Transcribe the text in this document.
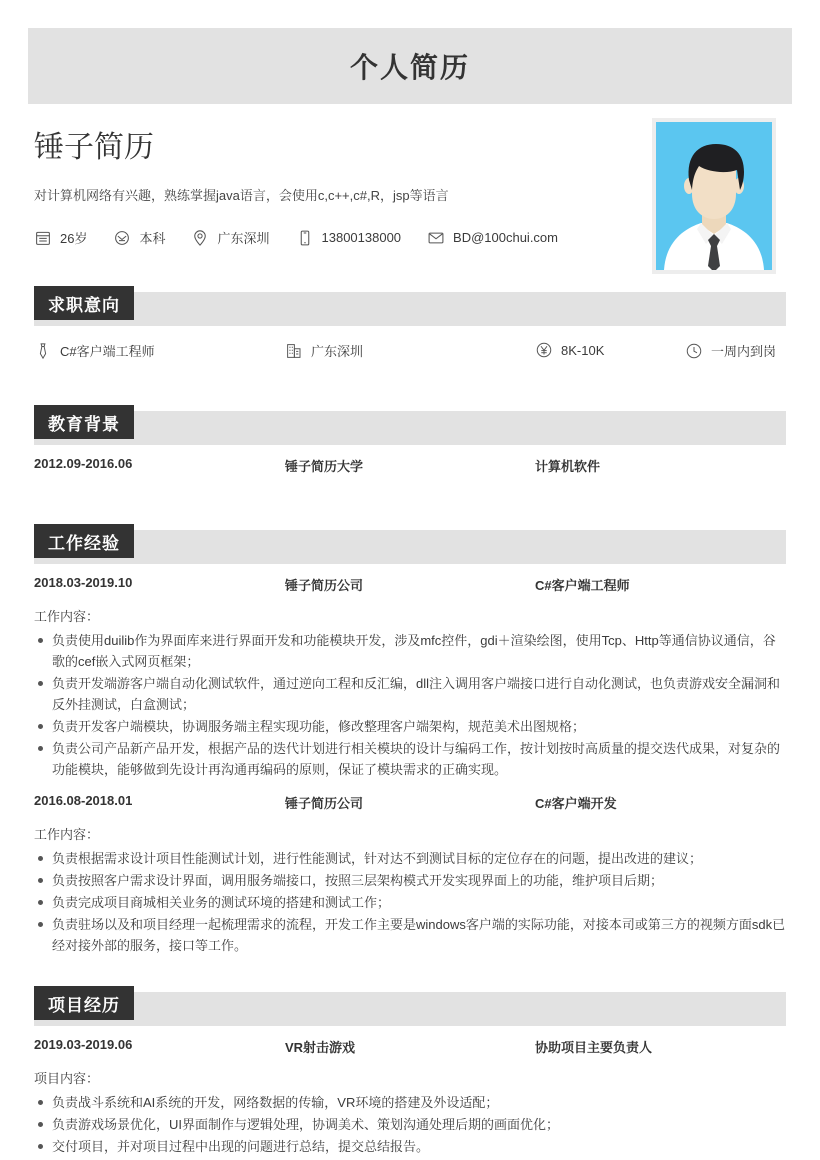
个人简历
锤子简历
对计算机网络有兴趣，熟练掌握java语言，会使用c,c++,c#,R，jsp等语言
26岁	本科	广东深圳	13800138000	BD@100chui.com
求职意向
C#客户端工程师	广东深圳	8K-10K	一周内到岗
教育背景
2012.09-2016.06	锤子简历大学	计算机软件
工作经验
2018.03-2019.10	锤子简历公司	C#客户端工程师
工作内容：
负责使用duilib作为界面库来进行界面开发和功能模块开发，涉及mfc控件，gdi＋渲染绘图，使用Tcp、Http等通信协议通信，谷歌的cef嵌入式网页框架；
负责开发端游客户端自动化测试软件，通过逆向工程和反汇编，dll注入调用客户端接口进行自动化测试，也负责游戏安全漏洞和反外挂测试，白盒测试；
负责开发客户端模块，协调服务端主程实现功能，修改整理客户端架构，规范美术出图规格；
负责公司产品新产品开发，根据产品的迭代计划进行相关模块的设计与编码工作，按计划按时高质量的提交迭代成果，对复杂的功能模块，能够做到先设计再沟通再编码的原则，保证了模块需求的正确实现。
2016.08-2018.01	锤子简历公司	C#客户端开发
工作内容：
负责根据需求设计项目性能测试计划，进行性能测试，针对达不到测试目标的定位存在的问题，提出改进的建议；
负责按照客户需求设计界面，调用服务端接口，按照三层架构模式开发实现界面上的功能，维护项目后期；
负责完成项目商城相关业务的测试环境的搭建和测试工作；
负责驻场以及和项目经理一起梳理需求的流程，开发工作主要是windows客户端的实际功能，对接本司或第三方的视频方面sdk已经对接外部的服务，接口等工作。
项目经历
2019.03-2019.06	VR射击游戏	协助项目主要负责人
项目内容：
负责战斗系统和AI系统的开发，网络数据的传输，VR环境的搭建及外设适配；
负责游戏场景优化，UI界面制作与逻辑处理，协调美术、策划沟通处理后期的画面优化；
交付项目，并对项目过程中出现的问题进行总结，提交总结报告。
